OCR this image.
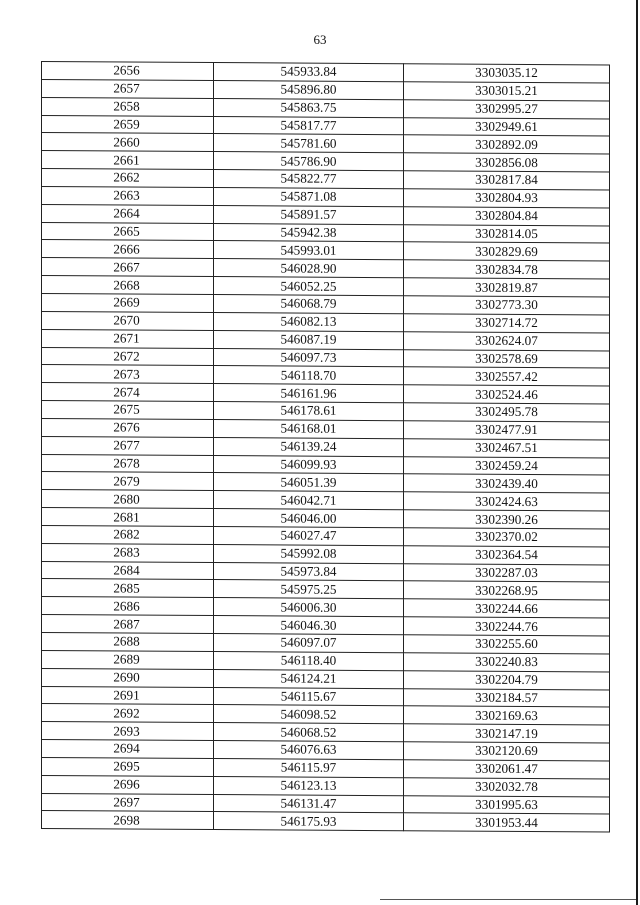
63
2656	545933.84	3303035.12
2657	545896.80	3303015.21
2658	545863.75	3302995.27
2659	545817.77	3302949.61
2660	545781.60	3302892.09
2661	545786.90	3302856.08
2662	545822.77	3302817.84
2663	545871.08	3302804.93
2664	545891.57	3302804.84
2665	545942.38	3302814.05
2666	545993.01	3302829.69
2667	546028.90	3302834.78
2668	546052.25	3302819.87
2669	546068.79	3302773.30
2670	546082.13	3302714.72
2671	546087.19	3302624.07
2672	546097.73	3302578.69
2673	546118.70	3302557.42
2674	546161.96	3302524.46
2675	546178.61	3302495.78
2676	546168.01	3302477.91
2677	546139.24	3302467.51
2678	546099.93	3302459.24
2679	546051.39	3302439.40
2680	546042.71	3302424.63
2681	546046.00	3302390.26
2682	546027.47	3302370.02
2683	545992.08	3302364.54
2684	545973.84	3302287.03
2685	545975.25	3302268.95
2686	546006.30	3302244.66
2687	546046.30	3302244.76
2688	546097.07	3302255.60
2689	546118.40	3302240.83
2690	546124.21	3302204.79
2691	546115.67	3302184.57
2692	546098.52	3302169.63
2693	546068.52	3302147.19
2694	546076.63	3302120.69
2695	546115.97	3302061.47
2696	546123.13	3302032.78
2697	546131.47	3301995.63
2698	546175.93	3301953.44
